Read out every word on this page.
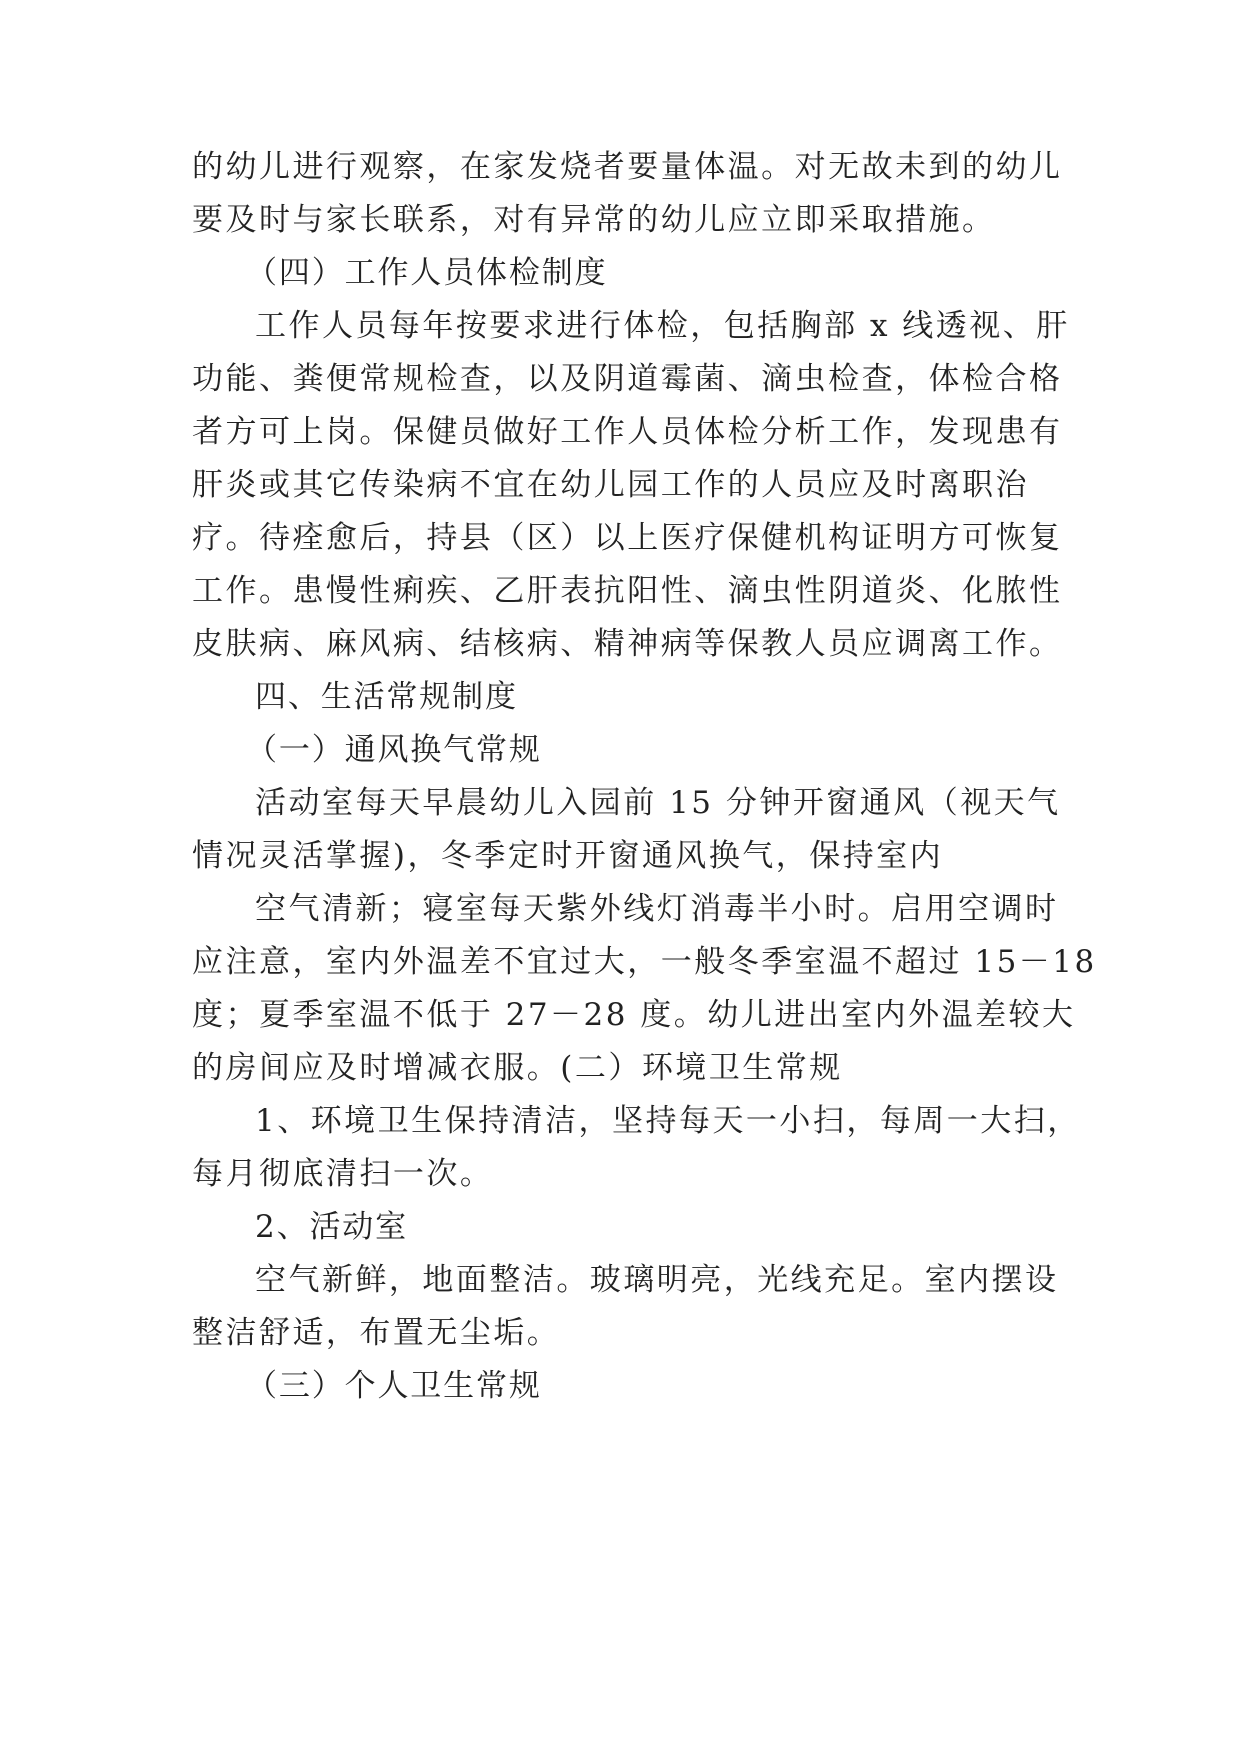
的幼儿进行观察，在家发烧者要量体温。对无故未到的幼儿
要及时与家长联系，对有异常的幼儿应立即采取措施。
（四）工作人员体检制度
工作人员每年按要求进行体检，包括胸部 x 线透视、肝
功能、粪便常规检查，以及阴道霉菌、滴虫检查，体检合格
者方可上岗。保健员做好工作人员体检分析工作，发现患有
肝炎或其它传染病不宜在幼儿园工作的人员应及时离职治
疗。待痊愈后，持县（区）以上医疗保健机构证明方可恢复
工作。患慢性痢疾、乙肝表抗阳性、滴虫性阴道炎、化脓性
皮肤病、麻风病、结核病、精神病等保教人员应调离工作。
四、生活常规制度
（一）通风换气常规
活动室每天早晨幼儿入园前 15 分钟开窗通风（视天气
情况灵活掌握)，冬季定时开窗通风换气，保持室内
空气清新；寝室每天紫外线灯消毒半小时。启用空调时
应注意，室内外温差不宜过大，一般冬季室温不超过 15－18
度；夏季室温不低于 27－28 度。幼儿进出室内外温差较大
的房间应及时增减衣服。(二）环境卫生常规
1、环境卫生保持清洁，坚持每天一小扫，每周一大扫，
每月彻底清扫一次。
2、活动室
空气新鲜，地面整洁。玻璃明亮，光线充足。室内摆设
整洁舒适，布置无尘垢。
（三）个人卫生常规
